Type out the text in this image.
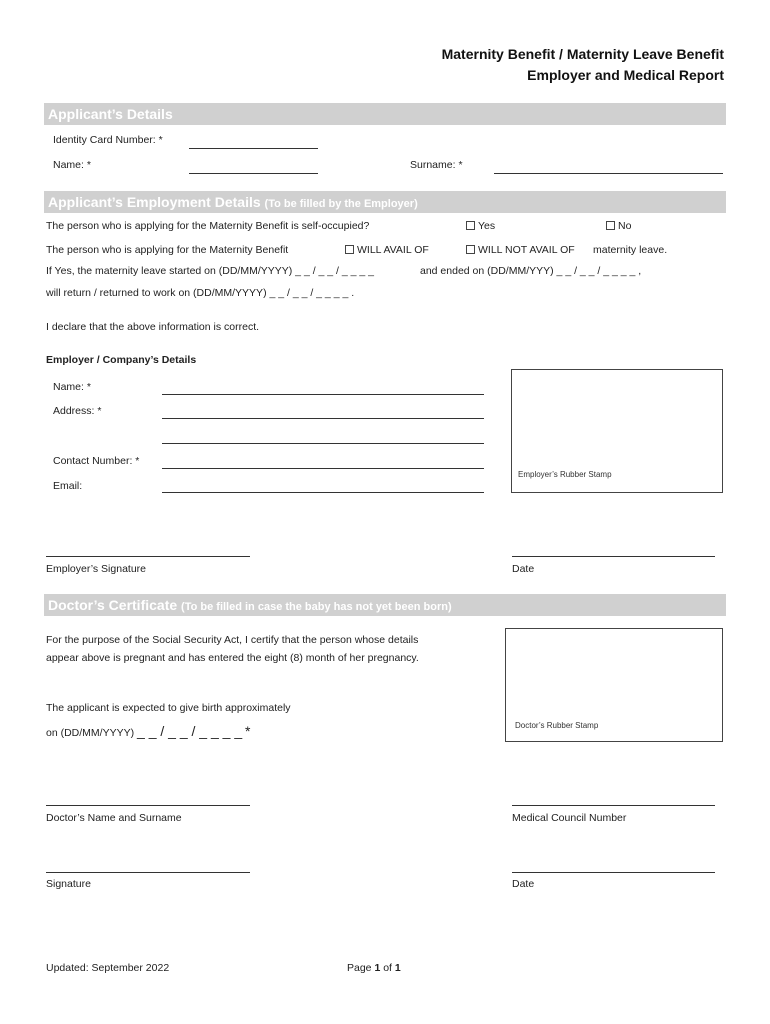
Maternity Benefit / Maternity Leave Benefit
Employer and Medical Report
Applicant’s Details
Identity Card Number: *
Name: *	Surname: *
Applicant’s Employment Details (To be filled by the Employer)
The person who is applying for the Maternity Benefit is self-occupied?	Yes	No
The person who is applying for the Maternity Benefit	WILL AVAIL OF	WILL NOT AVAIL OF maternity leave.
If Yes, the maternity leave started on (DD/MM/YYYY) _ _ / _ _ / _ _ _ _	and ended on (DD/MM/YYY) _ _ / _ _ / _ _ _ _ ,
will return / returned to work on (DD/MM/YYYY) _ _ / _ _ / _ _ _ _ .
I declare that the above information is correct.
Employer / Company’s Details
Name: *
Address: *
Contact Number: *
Email:
Employer’s Rubber Stamp
Employer’s Signature	Date
Doctor’s Certificate (To be filled in case the baby has not yet been born)
For the purpose of the Social Security Act, I certify that the person whose details
appear above is pregnant and has entered the eight (8) month of her pregnancy.
Doctor’s Rubber Stamp
The applicant is expected to give birth approximately
on (DD/MM/YYYY) _ _ / _ _ / _ _ _ _ *
Doctor’s Name and Surname	Medical Council Number
Signature	Date
Updated: September 2022	Page 1 of 1
